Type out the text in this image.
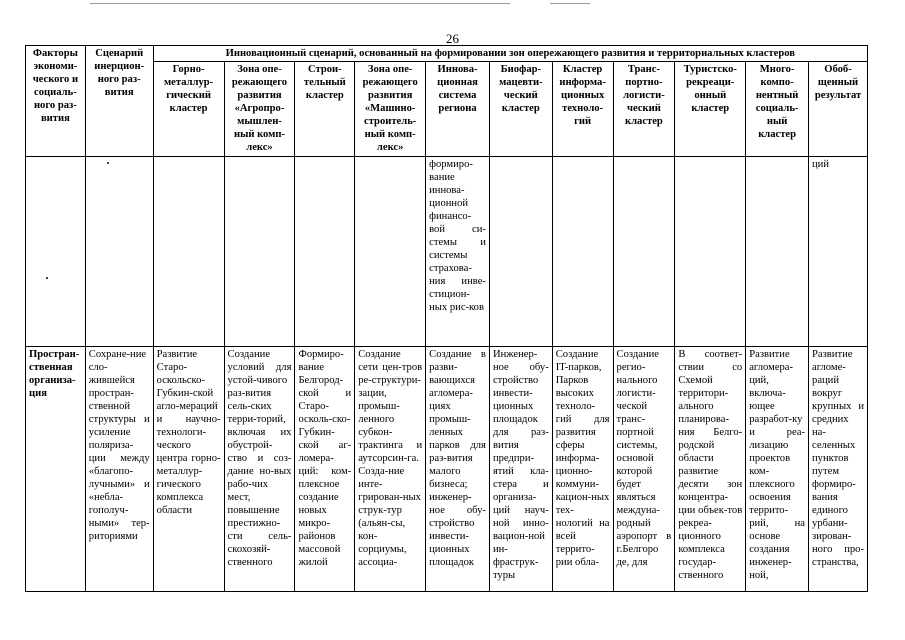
26
Факторы экономи-ческого и социаль-ного раз-вития	Сценарий инерцион-ного раз-вития	Инновационный сценарий, основанный на формировании зон опережающего развития и территориальных кластеров										
		Горно-металлур-гический кластер	Зона опе-режающего развития «Агропро-мышлен-ный комп-лекс»	Строи-тельный кластер	Зона опе-режающего развития «Машино-строитель-ный комп-лекс»	Иннова-ционная система региона	Биофар-мацевти-ческий кластер	Кластер информа-ционных техноло-гий	Транс-портно-логисти-ческий кластер	Туристско-рекреаци-онный кластер	Много-компо-нентный социаль-ный кластер	Обоб-щенный результат
						формиро-вание иннова-ционной финансо-вой си-стемы и системы страхова-ния инве-стицион-ных рис-ков						ций
Простран-ственная организа-ция	Сохране-ние сло-жившейся простран-ственной структуры и усиление поляриза-ции между «благопо-лучными» и «небла-гополуч-ными» тер-риториями	Развитие Старо-оскольско-Губкин-ской агло-мераций и научно-технологи-ческого центра горно-металлур-гического комплекса области	Создание условий для устой-чивого раз-вития сель-ских терри-торий, включая их обустрой-ство и соз-дание но-вых рабо-чих мест, повышение престижно-сти сель-скохозяй-ственного	Формиро-вание Белгород-ской и Старо-осколь-ско-Губкин-ской аг-ломера-ций: ком-плексное создание новых микро-районов массовой жилой	Создание сети цен-тров ре-структури-зации, промыш-ленного субкон-трактинга и аутсорсин-га. Созда-ние инте-грирован-ных струк-тур (альян-сы, кон-сорциумы, ассоциа-	Создание в разви-вающихся агломера-циях промыш-ленных парков для раз-вития малого бизнеса; инженер-ное обу-стройство инвести-ционных площадок	Инженер-ное обу-стройство инвести-ционных площадок для раз-вития предпри-ятий кла-стера и организа-ций науч-ной инно-вацион-ной ин-фраструк-туры	Создание IT-парков, Парков высоких техноло-гий для развития сферы информа-ционно-коммуни-кацион-ных тех-нологий на всей террито-рии обла-	Создание регио-нального логисти-ческой транс-портной системы, основой которой будет являться междуна-родный аэропорт в г.Белгоро де, для	В соответ-ствии со Схемой территори-ального планирова-ния Белго-родской области развитие десяти зон концентра-ции объек-тов рекреа-ционного комплекса государ-ственного	Развитие агломера-ций, включа-ющее разработ-ку и реа-лизацию проектов ком-плексного освоения террито-рий, на основе создания инженер-ной,	Развитие агломе-раций вокруг крупных и средних на-селенных пунктов путем формиро-вания единого урбани-зирован-ного про-странства,
